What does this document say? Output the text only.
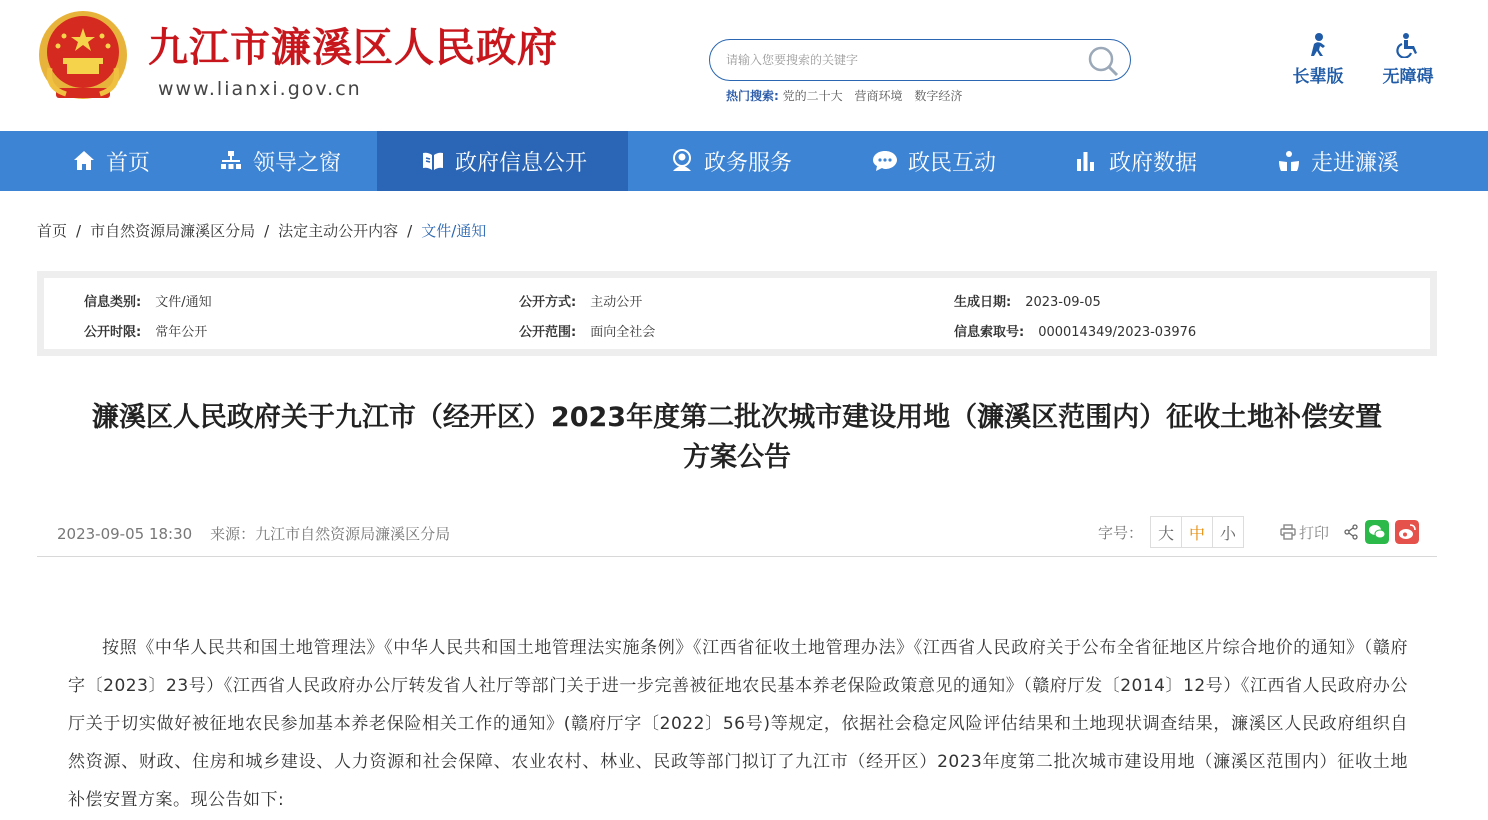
九江市濂溪区人民政府
www.lianxi.gov.cn
请输入您要搜索的关键字	热门搜索: 党的二十大 营商环境 数字经济
长辈版	无障碍
首页	领导之窗	政府信息公开	政务服务	政民互动	政府数据	走进濂溪
首页 / 市自然资源局濂溪区分局 / 法定主动公开内容 / 文件/通知
信息类别: 文件/通知	公开方式: 主动公开	生成日期: 2023-09-05
公开时限: 常年公开	公开范围: 面向全社会	信息索取号: 000014349/2023-03976
濂溪区人民政府关于九江市（经开区）2023年度第二批次城市建设用地（濂溪区范围内）征收土地补偿安置
方案公告
2023-09-05 18:30 来源：九江市自然资源局濂溪区分局	字号： 大 中 小	打印

按照《中华人民共和国土地管理法》《中华人民共和国土地管理法实施条例》《江西省征收土地管理办法》《江西省人民政府关于公布全省征地区片综合地价的通知》（赣府字〔2023〕23号）《江西省人民政府办公厅转发省人社厅等部门关于进一步完善被征地农民基本养老保险政策意见的通知》（赣府厅发〔2014〕12号）《江西省人民政府办公厅关于切实做好被征地农民参加基本养老保险相关工作的通知》(赣府厅字〔2022〕56号)等规定，依据社会稳定风险评估结果和土地现状调查结果，濂溪区人民政府组织自然资源、财政、住房和城乡建设、人力资源和社会保障、农业农村、林业、民政等部门拟订了九江市（经开区）2023年度第二批次城市建设用地（濂溪区范围内）征收土地补偿安置方案。现公告如下:
